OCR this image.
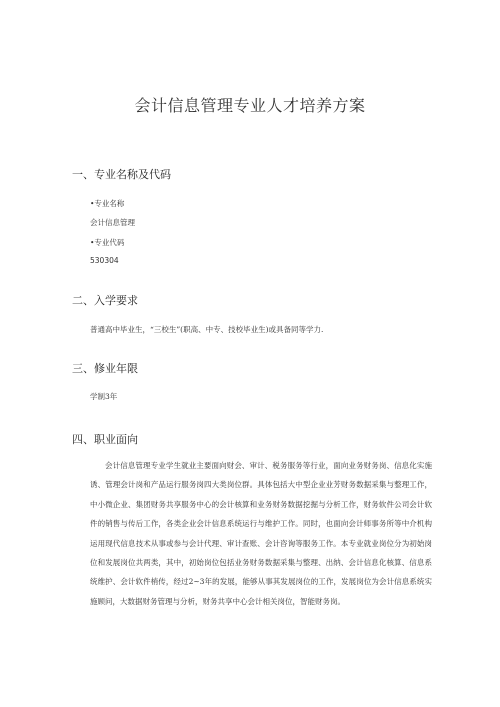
会计信息管理专业人才培养方案
一、专业名称及代码
•专业名称
会计信息管理
•专业代码
530304
二、入学要求
普通高中毕业生，“三校生”(职高、中专、技校毕业生)或具备同等学力.
三、修业年限
学制3年
四、职业面向
会计信息管理专业学生就业主要面向财会、审计、税务服务等行业，面向业务财务岗、信息化实施诱、管理会计岗和产品运行服务岗四大类岗位群。具体包括大中型企业业芳财务数据采集与整理工作，中小微企业、集团财务共享服务中心的会计核算和业务财务数据挖掘与分析工作，财务软件公司会计软件的销售与传后工作，各类企业会计信息系统运行与维护工作。同时，也面向会计师事务所等中介机构运用现代信息技术从事或参与会计代理、审计查账、会计咨询等服务工作。本专业就业岗位分为初始岗位和发展岗位共两类，其中，初始岗位包括业务财务数据采集与整理、出纳、会计信息化核算、信息系统维护、会计软件梢传，经过2~3年的发展，能够从事其发展岗位的工作，发展岗位为会计信息系统实施顾问，大数据财务管理与分析，财务共享中心会计相关岗位，智能财务岗。
